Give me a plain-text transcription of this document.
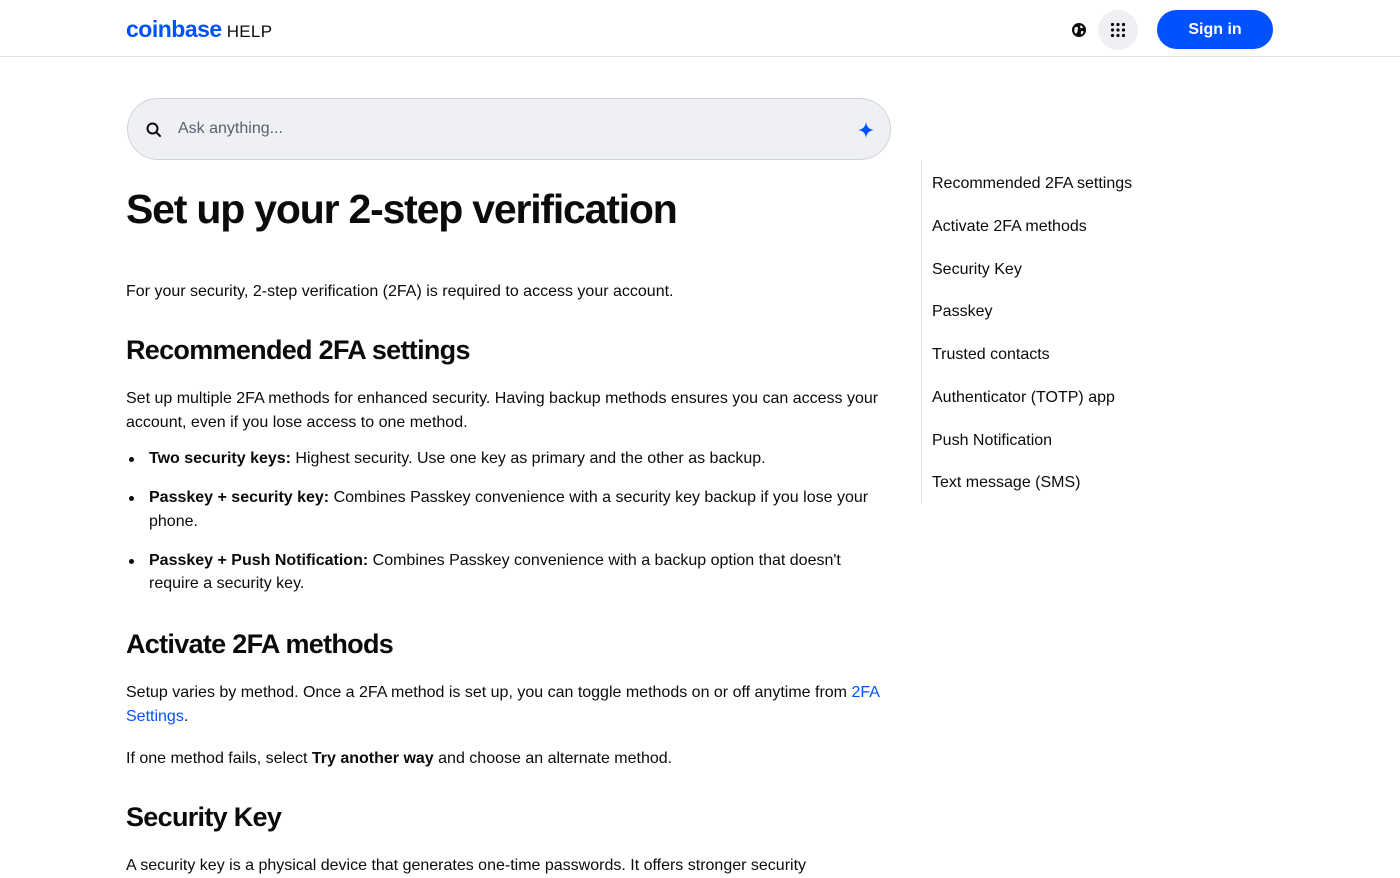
coinbase HELP	Sign in
Ask anything...
Set up your 2-step verification

For your security, 2-step verification (2FA) is required to access your account.

Recommended 2FA settings

Set up multiple 2FA methods for enhanced security. Having backup methods ensures you can access your account, even if you lose access to one method.

Two security keys: Highest security. Use one key as primary and the other as backup.
Passkey + security key: Combines Passkey convenience with a security key backup if you lose your phone.
Passkey + Push Notification: Combines Passkey convenience with a backup option that doesn't require a security key.
Activate 2FA methods

Setup varies by method. Once a 2FA method is set up, you can toggle methods on or off anytime from 2FA Settings.

If one method fails, select Try another way and choose an alternate method.

Security Key

A security key is a physical device that generates one-time passwords. It offers stronger security

Recommended 2FA settings
Activate 2FA methods
Security Key
Passkey
Trusted contacts
Authenticator (TOTP) app
Push Notification
Text message (SMS)
